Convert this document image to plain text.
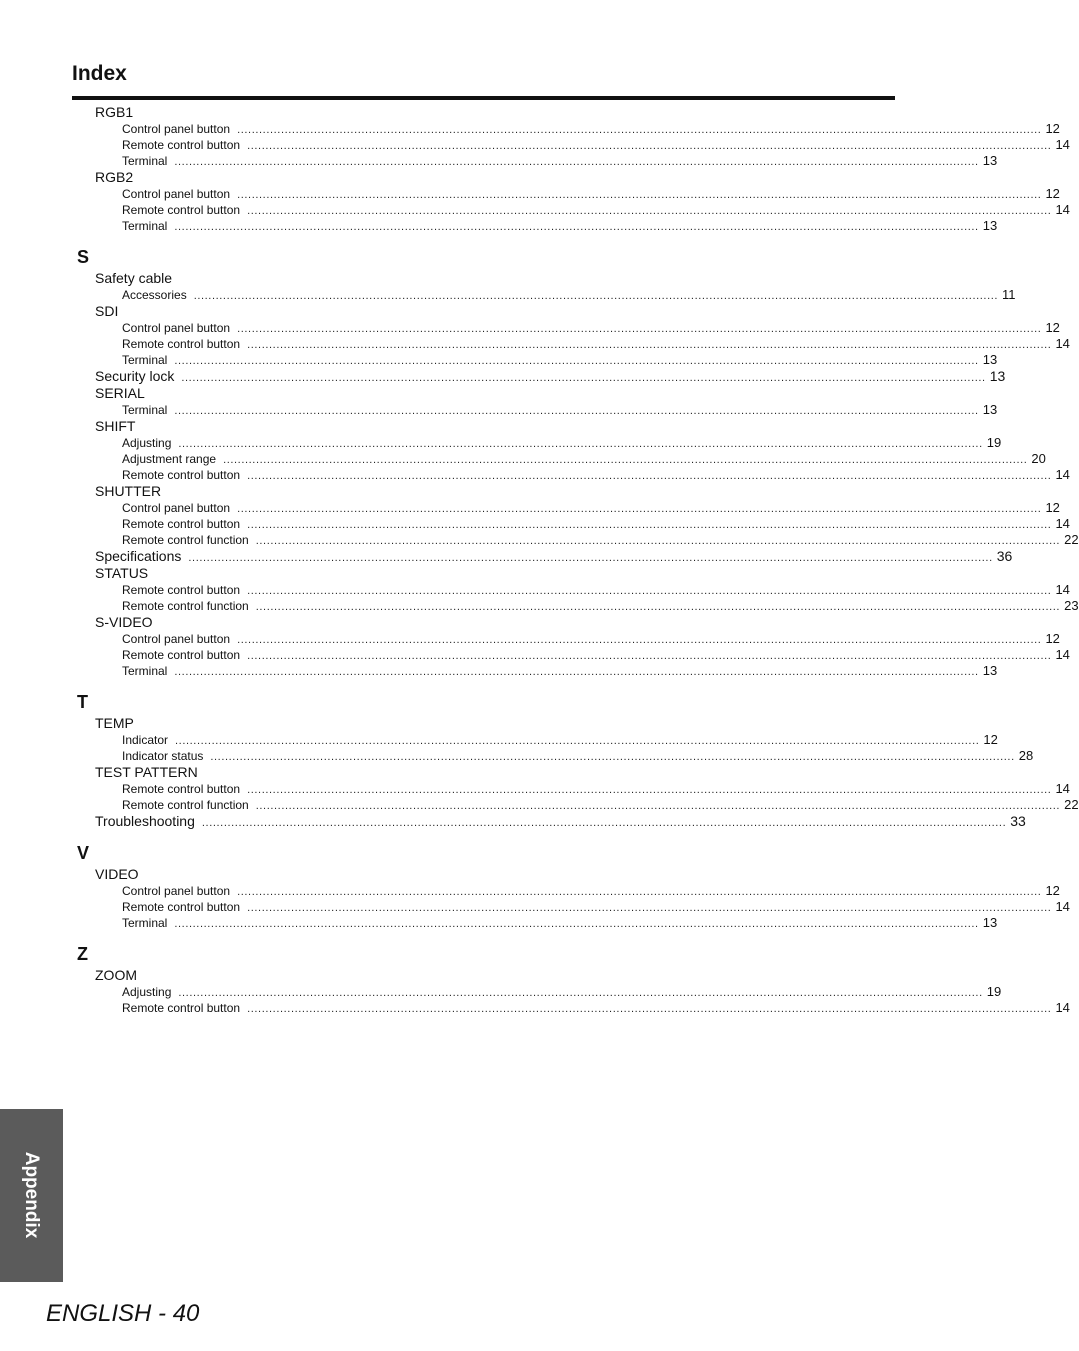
Index
RGB1
Control panel button ............................................................................................................................................................................................................................ 12
Remote control button ............................................................................................................................................................................................................................ 14
Terminal ............................................................................................................................................................................................................................ 13
RGB2
Control panel button ............................................................................................................................................................................................................................ 12
Remote control button ............................................................................................................................................................................................................................ 14
Terminal ............................................................................................................................................................................................................................ 13
S
Safety cable
Accessories ............................................................................................................................................................................................................................ 11
SDI
Control panel button ............................................................................................................................................................................................................................ 12
Remote control button ............................................................................................................................................................................................................................ 14
Terminal ............................................................................................................................................................................................................................ 13
Security lock ............................................................................................................................................................................................................................ 13
SERIAL
Terminal ............................................................................................................................................................................................................................ 13
SHIFT
Adjusting ............................................................................................................................................................................................................................ 19
Adjustment range ............................................................................................................................................................................................................................ 20
Remote control button ............................................................................................................................................................................................................................ 14
SHUTTER
Control panel button ............................................................................................................................................................................................................................ 12
Remote control button ............................................................................................................................................................................................................................ 14
Remote control function ............................................................................................................................................................................................................................ 22
Specifications ............................................................................................................................................................................................................................ 36
STATUS
Remote control button ............................................................................................................................................................................................................................ 14
Remote control function ............................................................................................................................................................................................................................ 23
S-VIDEO
Control panel button ............................................................................................................................................................................................................................ 12
Remote control button ............................................................................................................................................................................................................................ 14
Terminal ............................................................................................................................................................................................................................ 13
T
TEMP
Indicator ............................................................................................................................................................................................................................ 12
Indicator status ............................................................................................................................................................................................................................ 28
TEST PATTERN
Remote control button ............................................................................................................................................................................................................................ 14
Remote control function ............................................................................................................................................................................................................................ 22
Troubleshooting ............................................................................................................................................................................................................................ 33
V
VIDEO
Control panel button ............................................................................................................................................................................................................................ 12
Remote control button ............................................................................................................................................................................................................................ 14
Terminal ............................................................................................................................................................................................................................ 13
Z
ZOOM
Adjusting ............................................................................................................................................................................................................................ 19
Remote control button ............................................................................................................................................................................................................................ 14
Appendix
ENGLISH - 40
